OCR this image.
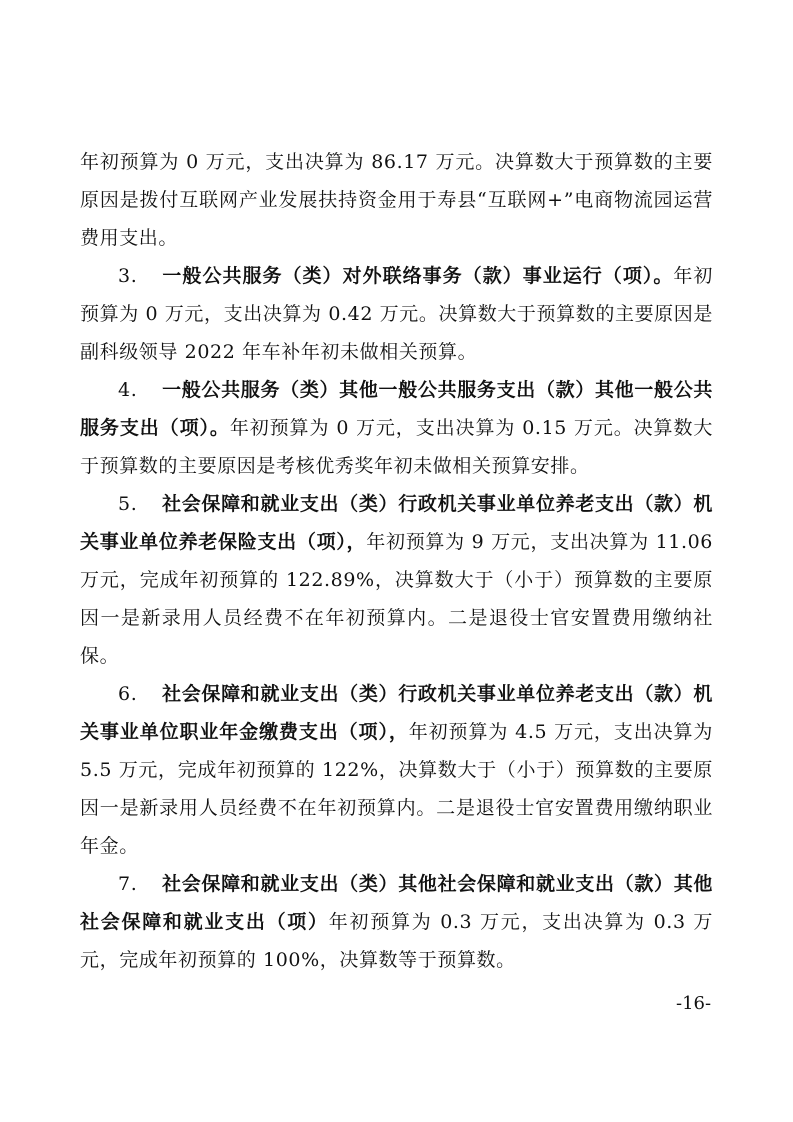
年初预算为 0 万元，支出决算为 86.17 万元。决算数大于预算数的主要原因是拨付互联网产业发展扶持资金用于寿县“互联网+”电商物流园运营费用支出。

3. 一般公共服务（类）对外联络事务（款）事业运行（项）。年初预算为 0 万元，支出决算为 0.42 万元。决算数大于预算数的主要原因是副科级领导 2022 年车补年初未做相关预算。

4. 一般公共服务（类）其他一般公共服务支出（款）其他一般公共服务支出（项）。年初预算为 0 万元，支出决算为 0.15 万元。决算数大于预算数的主要原因是考核优秀奖年初未做相关预算安排。

5. 社会保障和就业支出（类）行政机关事业单位养老支出（款）机关事业单位养老保险支出（项），年初预算为 9 万元，支出决算为 11.06 万元，完成年初预算的 122.89%，决算数大于（小于）预算数的主要原因一是新录用人员经费不在年初预算内。二是退役士官安置费用缴纳社保。

6. 社会保障和就业支出（类）行政机关事业单位养老支出（款）机关事业单位职业年金缴费支出（项），年初预算为 4.5 万元，支出决算为 5.5 万元，完成年初预算的 122%，决算数大于（小于）预算数的主要原因一是新录用人员经费不在年初预算内。二是退役士官安置费用缴纳职业年金。

7. 社会保障和就业支出（类）其他社会保障和就业支出（款）其他社会保障和就业支出（项）年初预算为 0.3 万元，支出决算为 0.3 万元，完成年初预算的 100%，决算数等于预算数。

-16-
